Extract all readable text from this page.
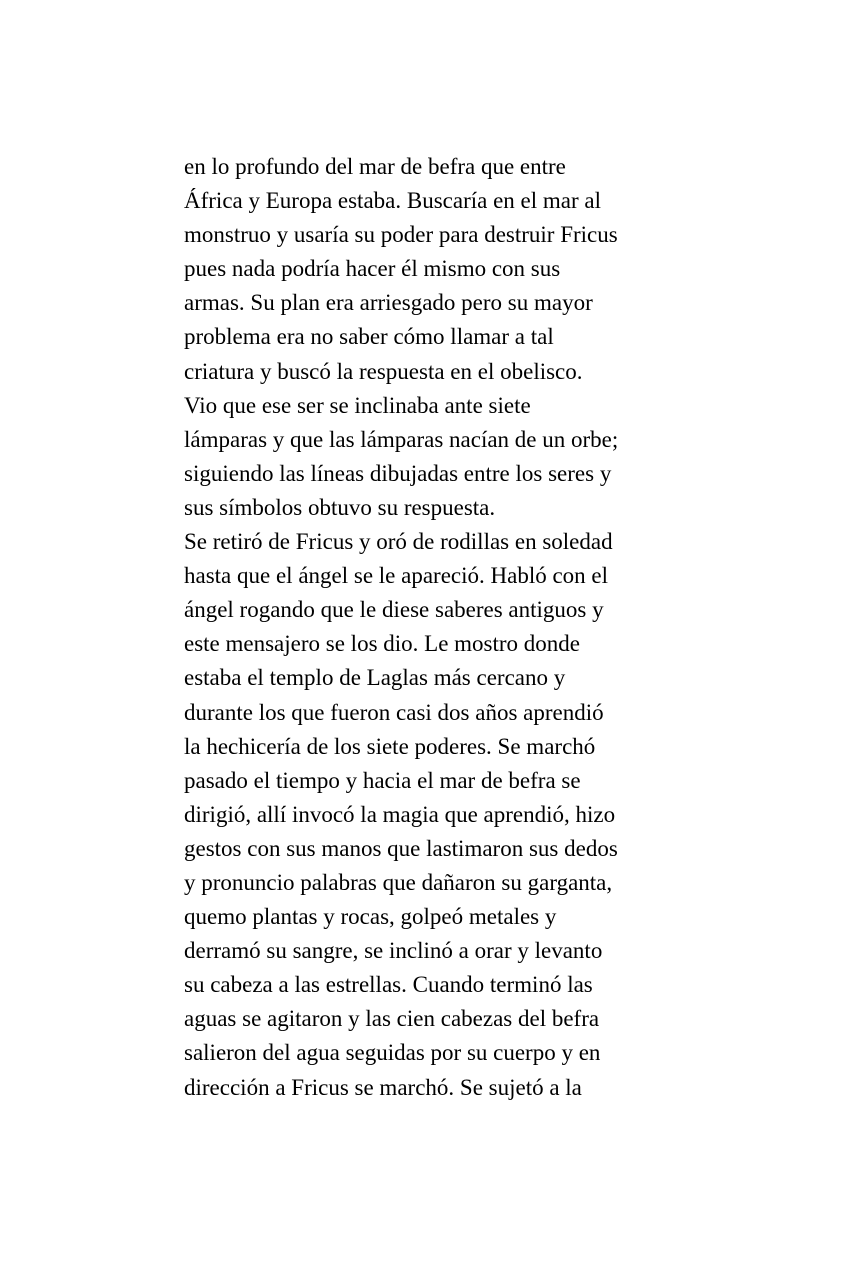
en lo profundo del mar de befra que entre
África y Europa estaba. Buscaría en el mar al
monstruo y usaría su poder para destruir Fricus
pues nada podría hacer él mismo con sus
armas. Su plan era arriesgado pero su mayor
problema era no saber cómo llamar a tal
criatura y buscó la respuesta en el obelisco.
Vio que ese ser se inclinaba ante siete
lámparas y que las lámparas nacían de un orbe;
siguiendo las líneas dibujadas entre los seres y
sus símbolos obtuvo su respuesta.
Se retiró de Fricus y oró de rodillas en soledad
hasta que el ángel se le apareció. Habló con el
ángel rogando que le diese saberes antiguos y
este mensajero se los dio. Le mostro donde
estaba el templo de Laglas más cercano y
durante los que fueron casi dos años aprendió
la hechicería de los siete poderes. Se marchó
pasado el tiempo y hacia el mar de befra se
dirigió, allí invocó la magia que aprendió, hizo
gestos con sus manos que lastimaron sus dedos
y pronuncio palabras que dañaron su garganta,
quemo plantas y rocas, golpeó metales y
derramó su sangre, se inclinó a orar y levanto
su cabeza a las estrellas. Cuando terminó las
aguas se agitaron y las cien cabezas del befra
salieron del agua seguidas por su cuerpo y en
dirección a Fricus se marchó. Se sujetó a la
